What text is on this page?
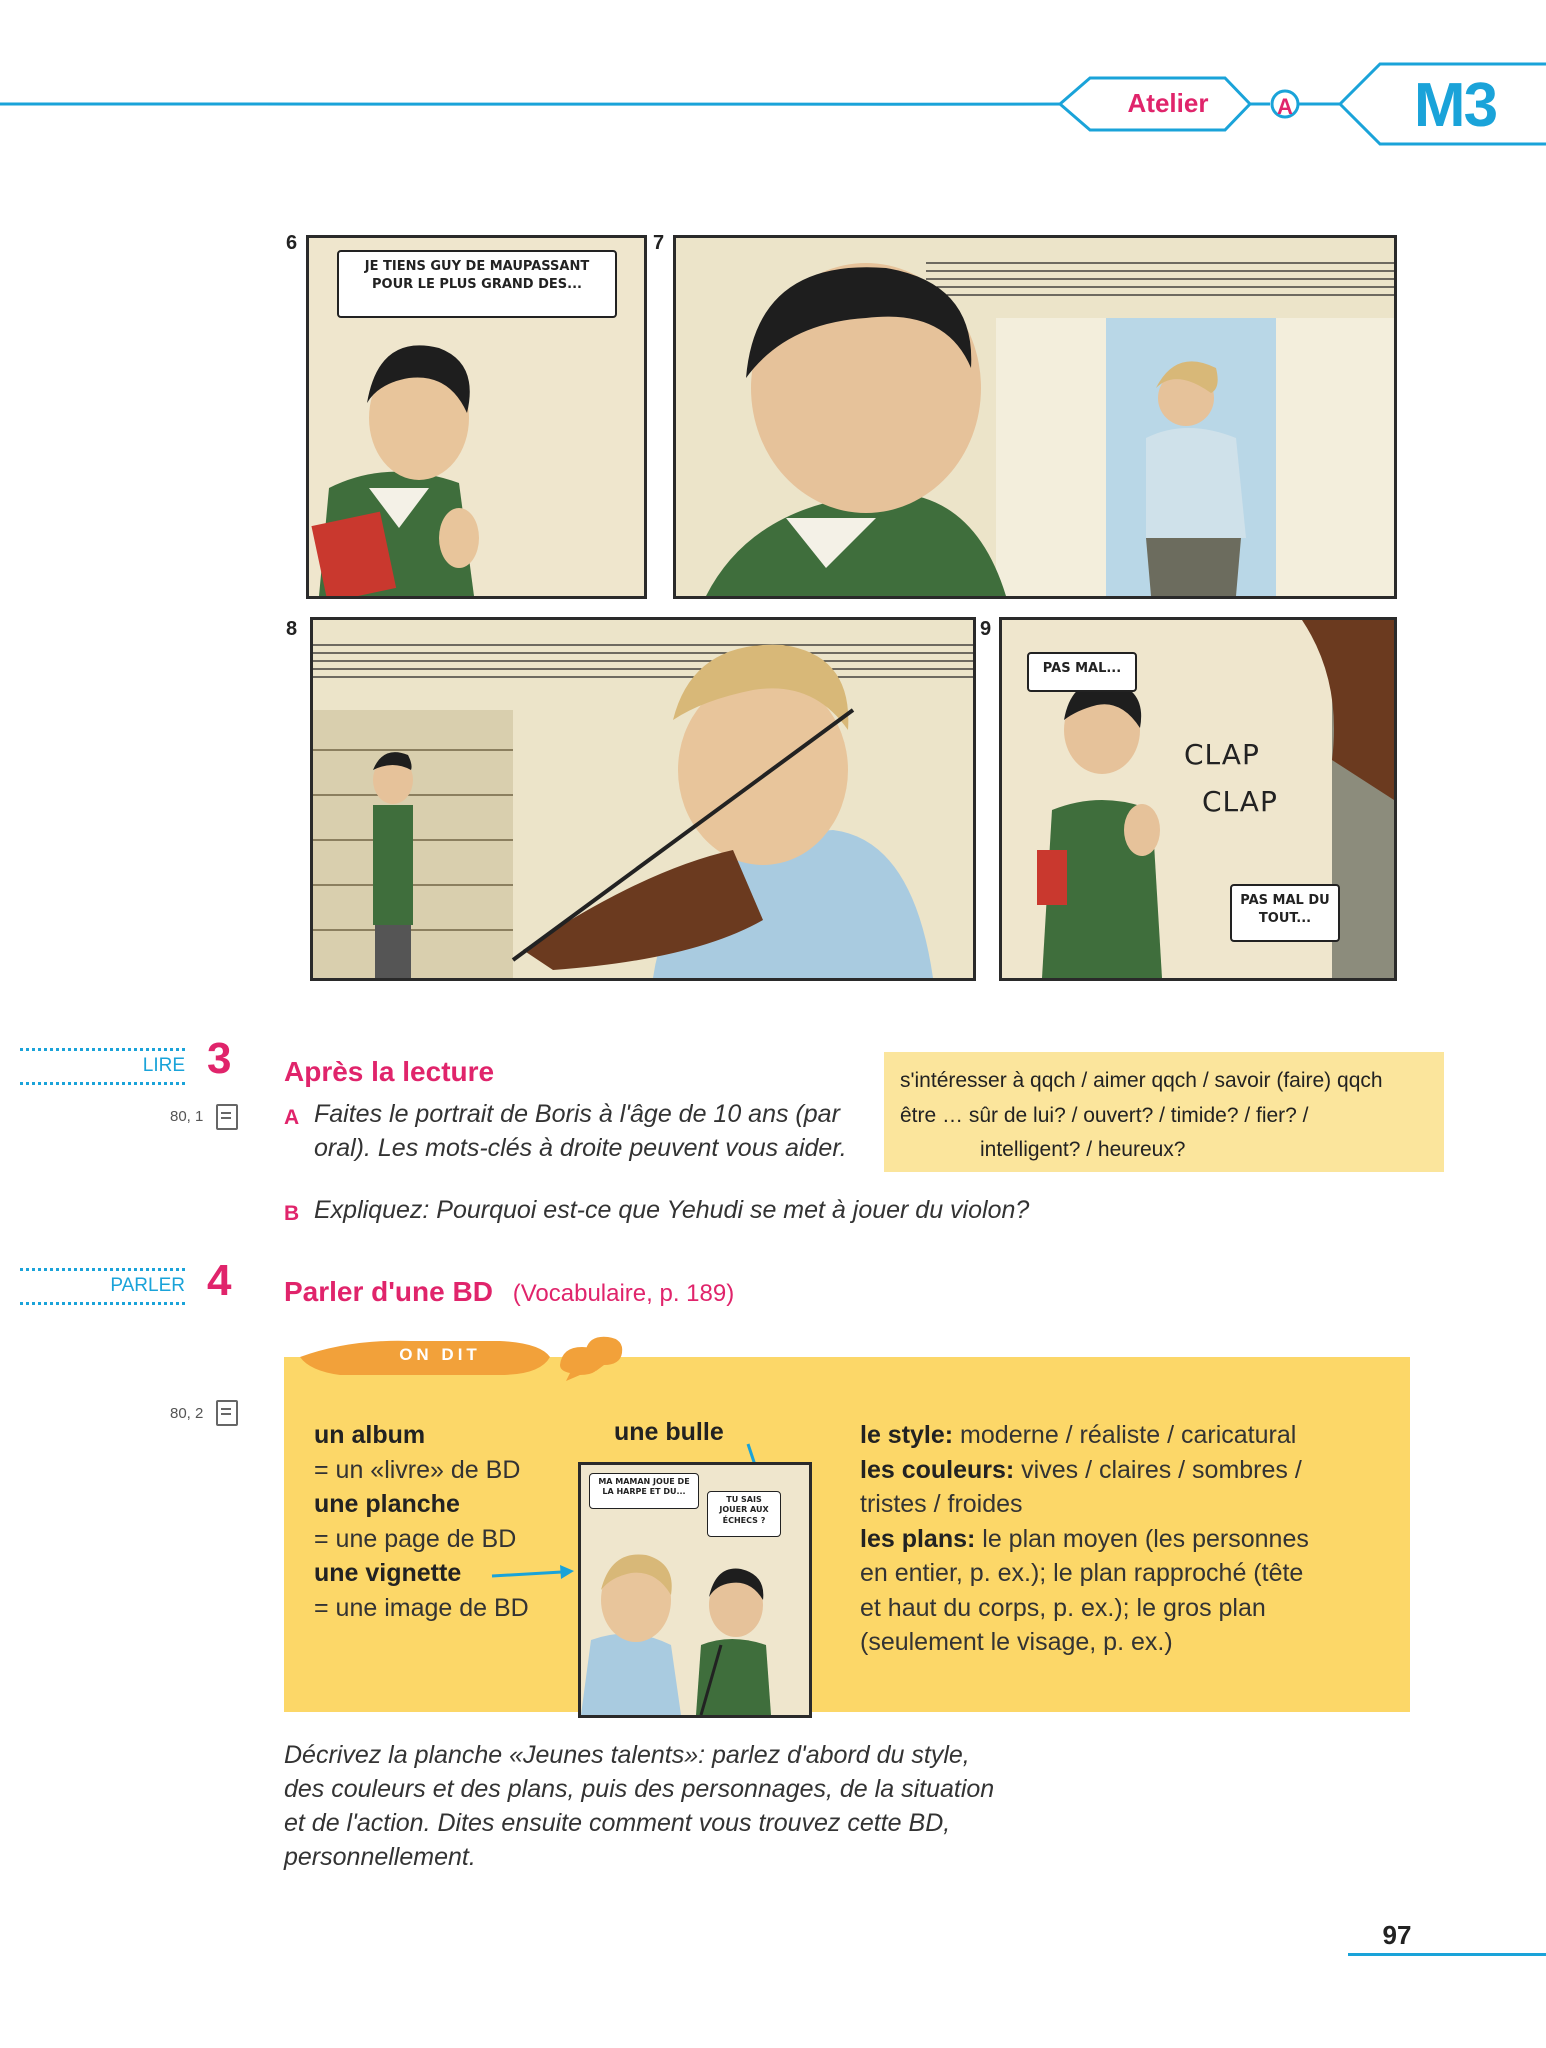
Atelier	A	M3
6
JE TIENS GUY DE MAUPASSANT POUR LE PLUS GRAND DES...
7
8	9
PAS MAL...
CLAP
CLAP
PAS MAL DU TOUT...
LIRE 3 Après la lecture
80, 1	A Faites le portrait de Boris à l'âge de 10 ans (par
oral). Les mots-clés à droite peuvent vous aider.
s'intéresser à qqch / aimer qqch / savoir (faire) qqch
être … sûr de lui? / ouvert? / timide? / fier? /
intelligent? / heureux?
B Expliquez: Pourquoi est-ce que Yehudi se met à jouer du violon?
PARLER 4 Parler d'une BD (Vocabulaire, p. 189)
80, 2
ON DIT
un album
= un «livre» de BD
une planche
= une page de BD
une vignette
= une image de BD
une bulle
MA MAMAN JOUE DE LA HARPE ET DU...
TU SAIS JOUER AUX ÉCHECS ?
le style: moderne / réaliste / caricatural
les couleurs: vives / claires / sombres /
tristes / froides
les plans: le plan moyen (les personnes
en entier, p. ex.); le plan rapproché (tête
et haut du corps, p. ex.); le gros plan
(seulement le visage, p. ex.)
Décrivez la planche «Jeunes talents»: parlez d'abord du style,
des couleurs et des plans, puis des personnages, de la situation
et de l'action. Dites ensuite comment vous trouvez cette BD,
personnellement.
97
